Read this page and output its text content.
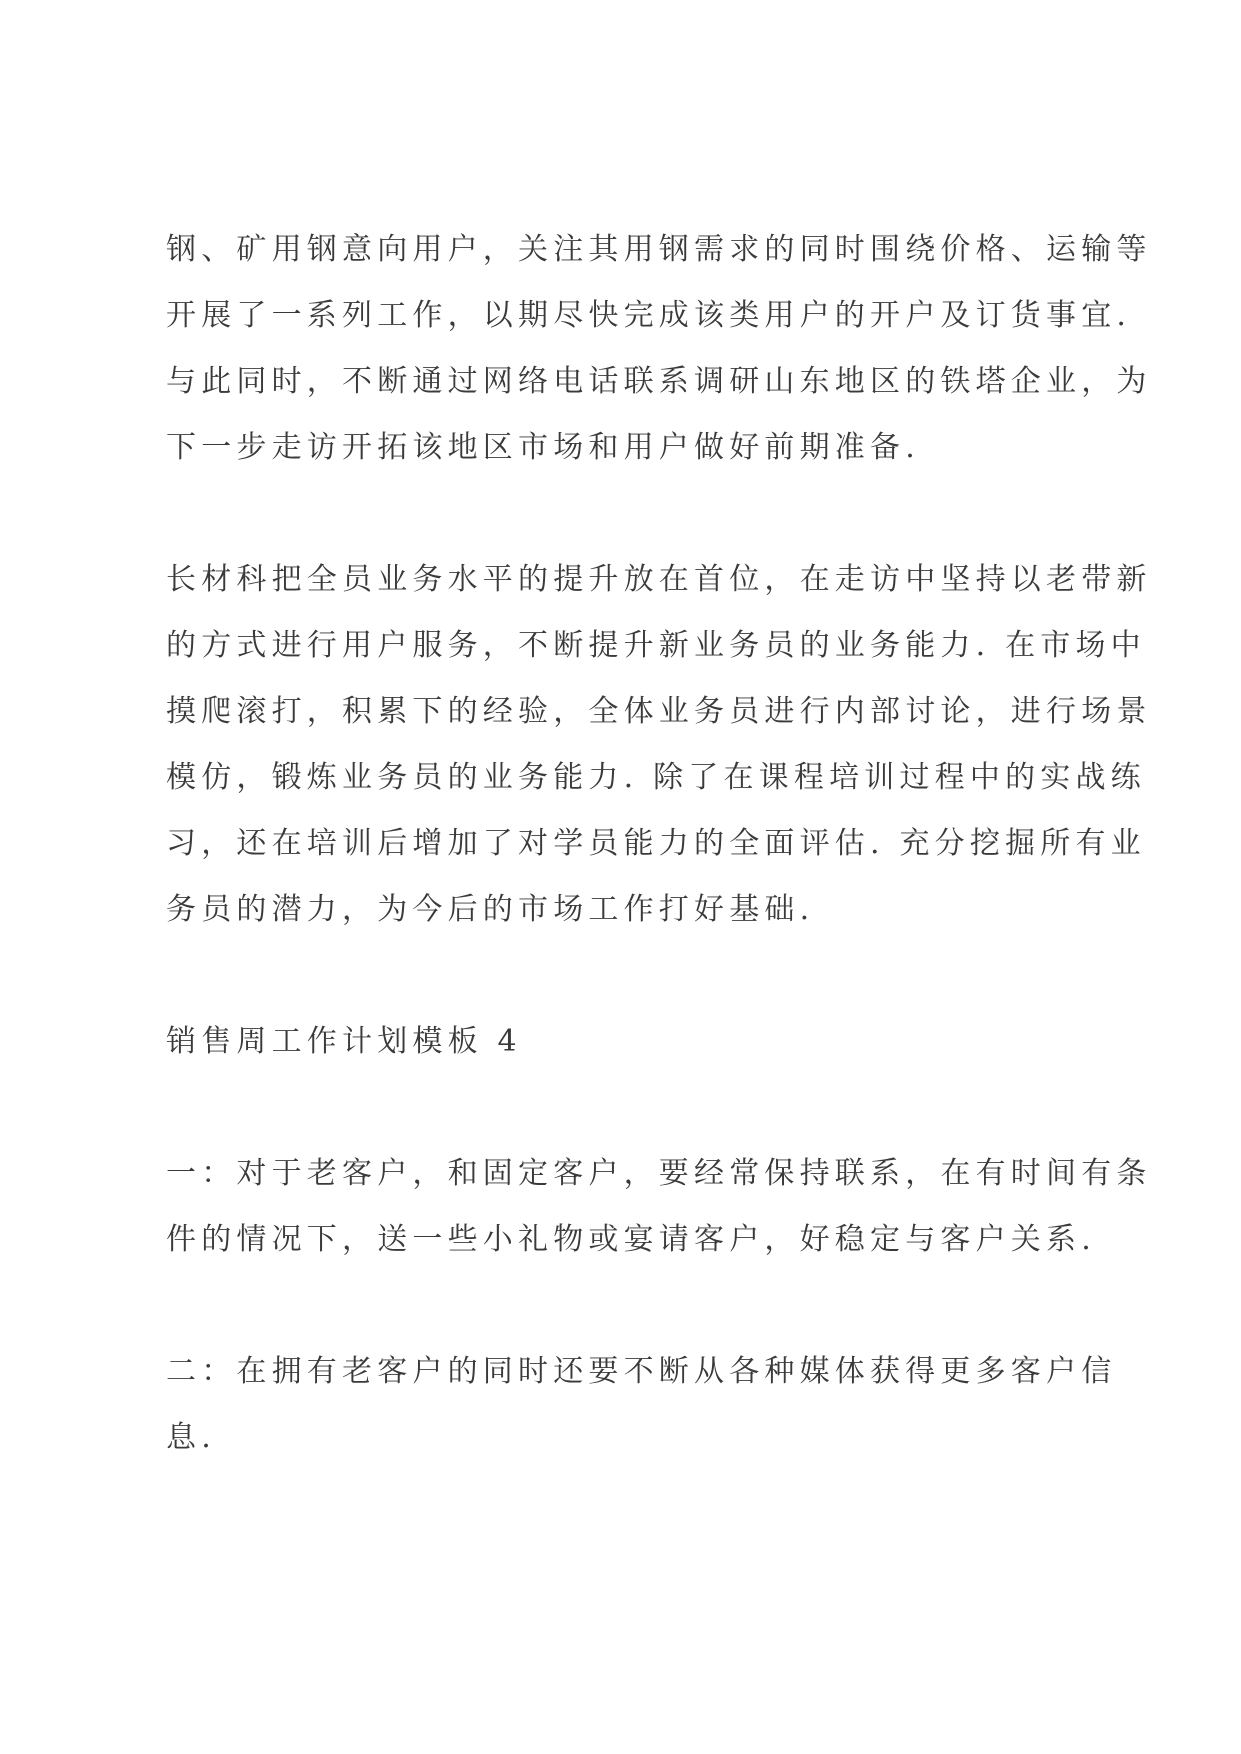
钢、矿用钢意向用户，关注其用钢需求的同时围绕价格、运输等
开展了一系列工作，以期尽快完成该类用户的开户及订货事宜.
与此同时，不断通过网络电话联系调研山东地区的铁塔企业，为
下一步走访开拓该地区市场和用户做好前期准备.
长材科把全员业务水平的提升放在首位，在走访中坚持以老带新
的方式进行用户服务，不断提升新业务员的业务能力. 在市场中
摸爬滚打，积累下的经验，全体业务员进行内部讨论，进行场景
模仿，锻炼业务员的业务能力. 除了在课程培训过程中的实战练
习，还在培训后增加了对学员能力的全面评估. 充分挖掘所有业
务员的潜力，为今后的市场工作打好基础.
销售周工作计划模板 4
一：对于老客户，和固定客户，要经常保持联系，在有时间有条
件的情况下，送一些小礼物或宴请客户，好稳定与客户关系.
二：在拥有老客户的同时还要不断从各种媒体获得更多客户信
息.
